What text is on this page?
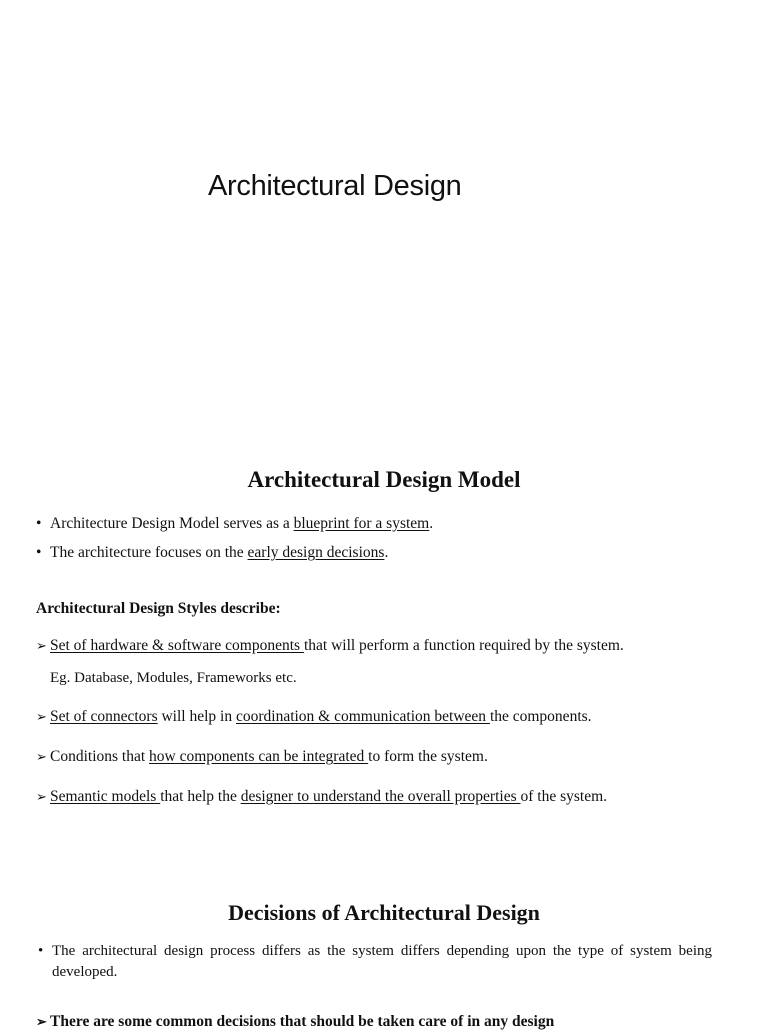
Architectural Design
Architectural Design Model
• Architecture Design Model serves as a blueprint for a system.
• The architecture focuses on the early design decisions.
Architectural Design Styles describe:
➢ Set of hardware & software components that will perform a function required by the system.
Eg. Database, Modules, Frameworks etc.
➢ Set of connectors will help in coordination & communication between the components.
➢ Conditions that how components can be integrated to form the system.
➢ Semantic models that help the designer to understand the overall properties of the system.
Decisions of Architectural Design
• The architectural design process differs as the system differs depending upon the type of system being developed.
➢ There are some common decisions that should be taken care of in any design
